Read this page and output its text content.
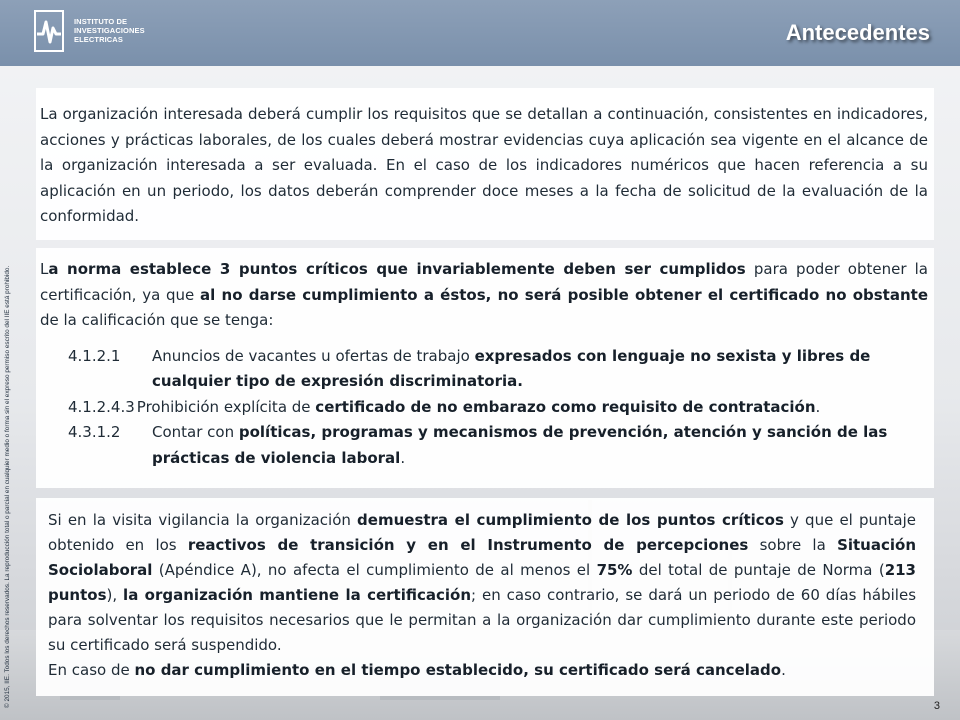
INSTITUTO DE
INVESTIGACIONES
ELECTRICAS	Antecedentes
© 2015, IIE. Todos los derechos reservados. La reproducción total o parcial en cualquier medio o forma sin el expreso permiso escrito del IIE está prohibido.

La organización interesada deberá cumplir los requisitos que se detallan a continuación, consistentes en indicadores, acciones y prácticas laborales, de los cuales deberá mostrar evidencias cuya aplicación sea vigente en el alcance de la organización interesada a ser evaluada. En el caso de los indicadores numéricos que hacen referencia a su aplicación en un periodo, los datos deberán comprender doce meses a la fecha de solicitud de la evaluación de la conformidad.

La norma establece 3 puntos críticos que invariablemente deben ser cumplidos para poder obtener la certificación, ya que al no darse cumplimiento a éstos, no será posible obtener el certificado no obstante de la calificación que se tenga:

4.1.2.1	Anuncios de vacantes u ofertas de trabajo expresados con lenguaje no sexista y libres de
cualquier tipo de expresión discriminatoria.
4.1.2.4.3 Prohibición explícita de certificado de no embarazo como requisito de contratación.
4.3.1.2	Contar con políticas, programas y mecanismos de prevención, atención y sanción de las
prácticas de violencia laboral.

Si en la visita vigilancia la organización demuestra el cumplimiento de los puntos críticos y que el puntaje obtenido en los reactivos de transición y en el Instrumento de percepciones sobre la Situación Sociolaboral (Apéndice A), no afecta el cumplimiento de al menos el 75% del total de puntaje de Norma (213 puntos), la organización mantiene la certificación; en caso contrario, se dará un periodo de 60 días hábiles para solventar los requisitos necesarios que le permitan a la organización dar cumplimiento durante este periodo su certificado será suspendido.

En caso de no dar cumplimiento en el tiempo establecido, su certificado será cancelado.

3
